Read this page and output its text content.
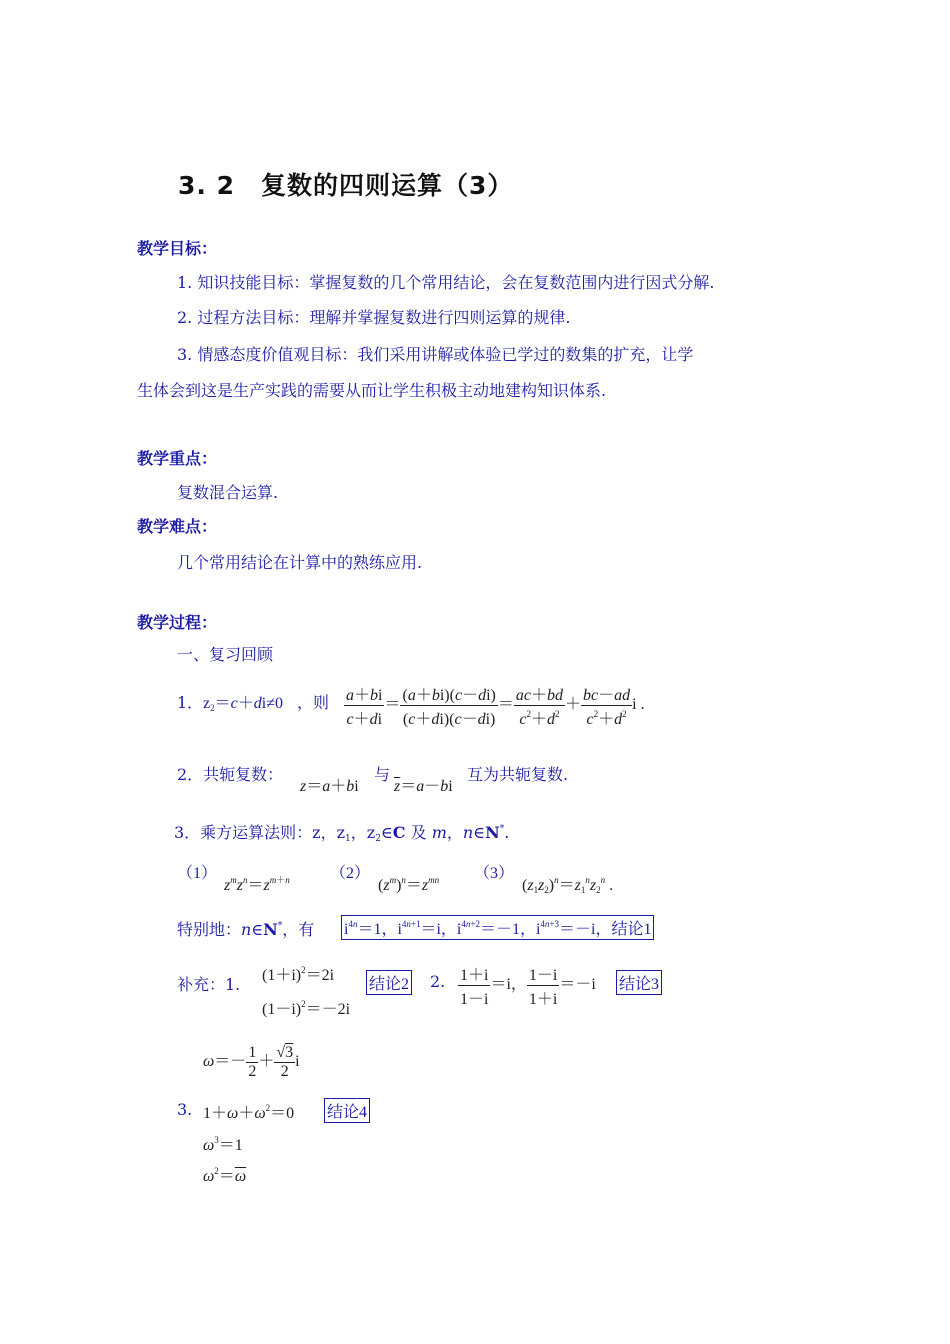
3. 2　复数的四则运算（3）
教学目标：
1. 知识技能目标：掌握复数的几个常用结论，会在复数范围内进行因式分解.
2. 过程方法目标：理解并掌握复数进行四则运算的规律.
3. 情感态度价值观目标：我们采用讲解或体验已学过的数集的扩充，让学
生体会到这是生产实践的需要从而让学生积极主动地建构知识体系.
教学重点：
复数混合运算.
教学难点：
几个常用结论在计算中的熟练应用.
教学过程：
一、复习回顾
1． $z_2=c+di\ne 0$ ，则 $\frac{a+bi}{c+di} = \frac{(a+bi)(c-di)}{(c+di)(c-di)} = \frac{ac+bd}{c^2+d^2} + \frac{bc-ad}{c^2+d^2}$ i .
2．共轭复数：
z＝a＋bi
与
$\overline{z}=a-bi$
互为共轭复数.
3．乘方运算法则：z，$z_1$，$z_2\in C$ 及 m，n∈N*.
（1）
$z^mz^n=z^{m+n}$	（2）
$(z^m)^n=z^{mn}$ （3）
$(z_1z_2)^n=z_1^nz_2^n$ .
特别地：n∈N*，有 $i^{4n}=1$，$i^{4n+1}=i$，$i^{4n+2}=-1$，$i^{4n+3}=-i$，结论1
补充：1. $(1+i)^2=2i$
$(1-i)^2=-2i$
结论2 2. $\frac{1+i}{1-i} =i$， $\frac{1-i}{1+i} =-i$ 结论3
$\omega=- \frac{1}{2} + \frac{√3}{2}$ i
3. $1+\omega+\omega^2=0$ 结论4
$\omega^3=1$
$\omega^2=\overline{\omega}$
